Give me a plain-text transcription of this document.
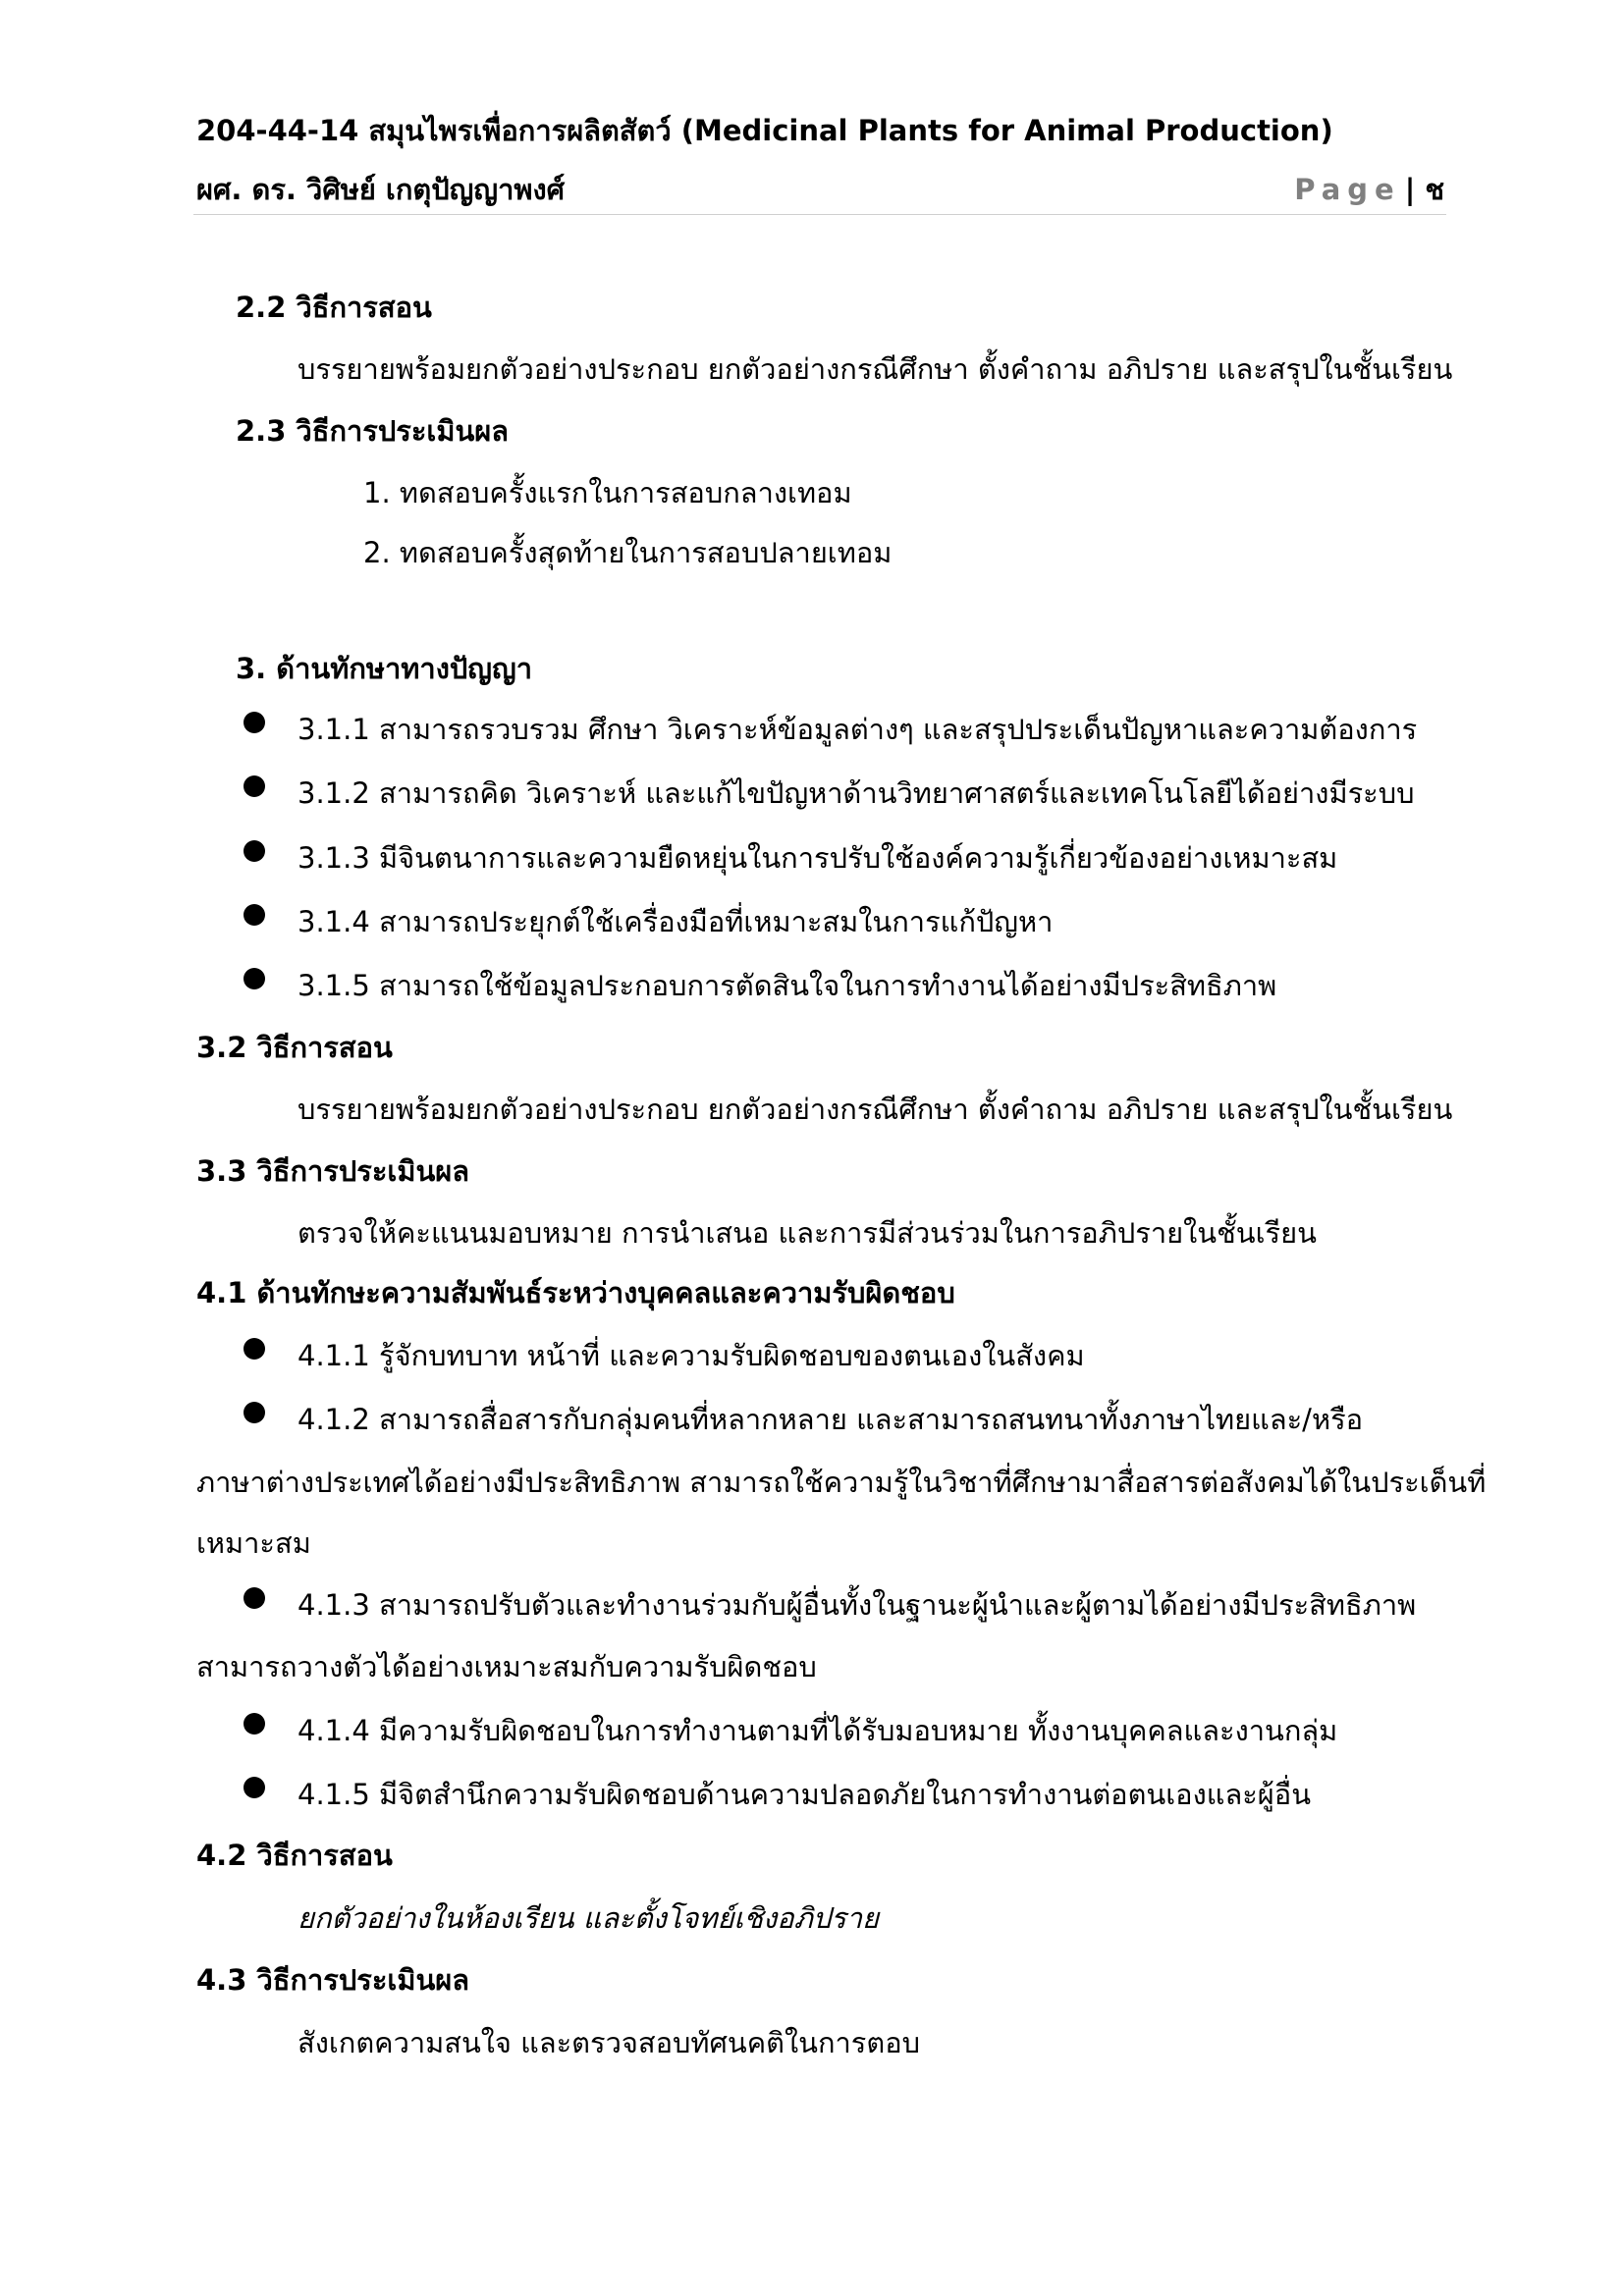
204-44-14 สมุนไพรเพื่อการผลิตสัตว์ (Medicinal Plants for Animal Production)
ผศ. ดร. วิศิษย์ เกตุปัญญาพงศ์	Page | ช
2.2 วิธีการสอน
บรรยายพร้อมยกตัวอย่างประกอบ ยกตัวอย่างกรณีศึกษา ตั้งคำถาม อภิปราย และสรุปในชั้นเรียน
2.3 วิธีการประเมินผล
1. ทดสอบครั้งแรกในการสอบกลางเทอม
2. ทดสอบครั้งสุดท้ายในการสอบปลายเทอม
3. ด้านทักษาทางปัญญา
3.1.1 สามารถรวบรวม ศึกษา วิเคราะห์ข้อมูลต่างๆ และสรุปประเด็นปัญหาและความต้องการ
3.1.2 สามารถคิด วิเคราะห์ และแก้ไขปัญหาด้านวิทยาศาสตร์และเทคโนโลยีได้อย่างมีระบบ
3.1.3 มีจินตนาการและความยืดหยุ่นในการปรับใช้องค์ความรู้เกี่ยวข้องอย่างเหมาะสม
3.1.4 สามารถประยุกต์ใช้เครื่องมือที่เหมาะสมในการแก้ปัญหา
3.1.5 สามารถใช้ข้อมูลประกอบการตัดสินใจในการทำงานได้อย่างมีประสิทธิภาพ
3.2 วิธีการสอน
บรรยายพร้อมยกตัวอย่างประกอบ ยกตัวอย่างกรณีศึกษา ตั้งคำถาม อภิปราย และสรุปในชั้นเรียน
3.3 วิธีการประเมินผล
ตรวจให้คะแนนมอบหมาย การนำเสนอ และการมีส่วนร่วมในการอภิปรายในชั้นเรียน
4.1 ด้านทักษะความสัมพันธ์ระหว่างบุคคลและความรับผิดชอบ
4.1.1 รู้จักบทบาท หน้าที่ และความรับผิดชอบของตนเองในสังคม
4.1.2 สามารถสื่อสารกับกลุ่มคนที่หลากหลาย และสามารถสนทนาทั้งภาษาไทยและ/หรือ
ภาษาต่างประเทศได้อย่างมีประสิทธิภาพ สามารถใช้ความรู้ในวิชาที่ศึกษามาสื่อสารต่อสังคมได้ในประเด็นที่
เหมาะสม
4.1.3 สามารถปรับตัวและทำงานร่วมกับผู้อื่นทั้งในฐานะผู้นำและผู้ตามได้อย่างมีประสิทธิภาพ
สามารถวางตัวได้อย่างเหมาะสมกับความรับผิดชอบ
4.1.4 มีความรับผิดชอบในการทำงานตามที่ได้รับมอบหมาย ทั้งงานบุคคลและงานกลุ่ม
4.1.5 มีจิตสำนึกความรับผิดชอบด้านความปลอดภัยในการทำงานต่อตนเองและผู้อื่น
4.2 วิธีการสอน
ยกตัวอย่างในห้องเรียน และตั้งโจทย์เชิงอภิปราย
4.3 วิธีการประเมินผล
สังเกตความสนใจ และตรวจสอบทัศนคติในการตอบ
